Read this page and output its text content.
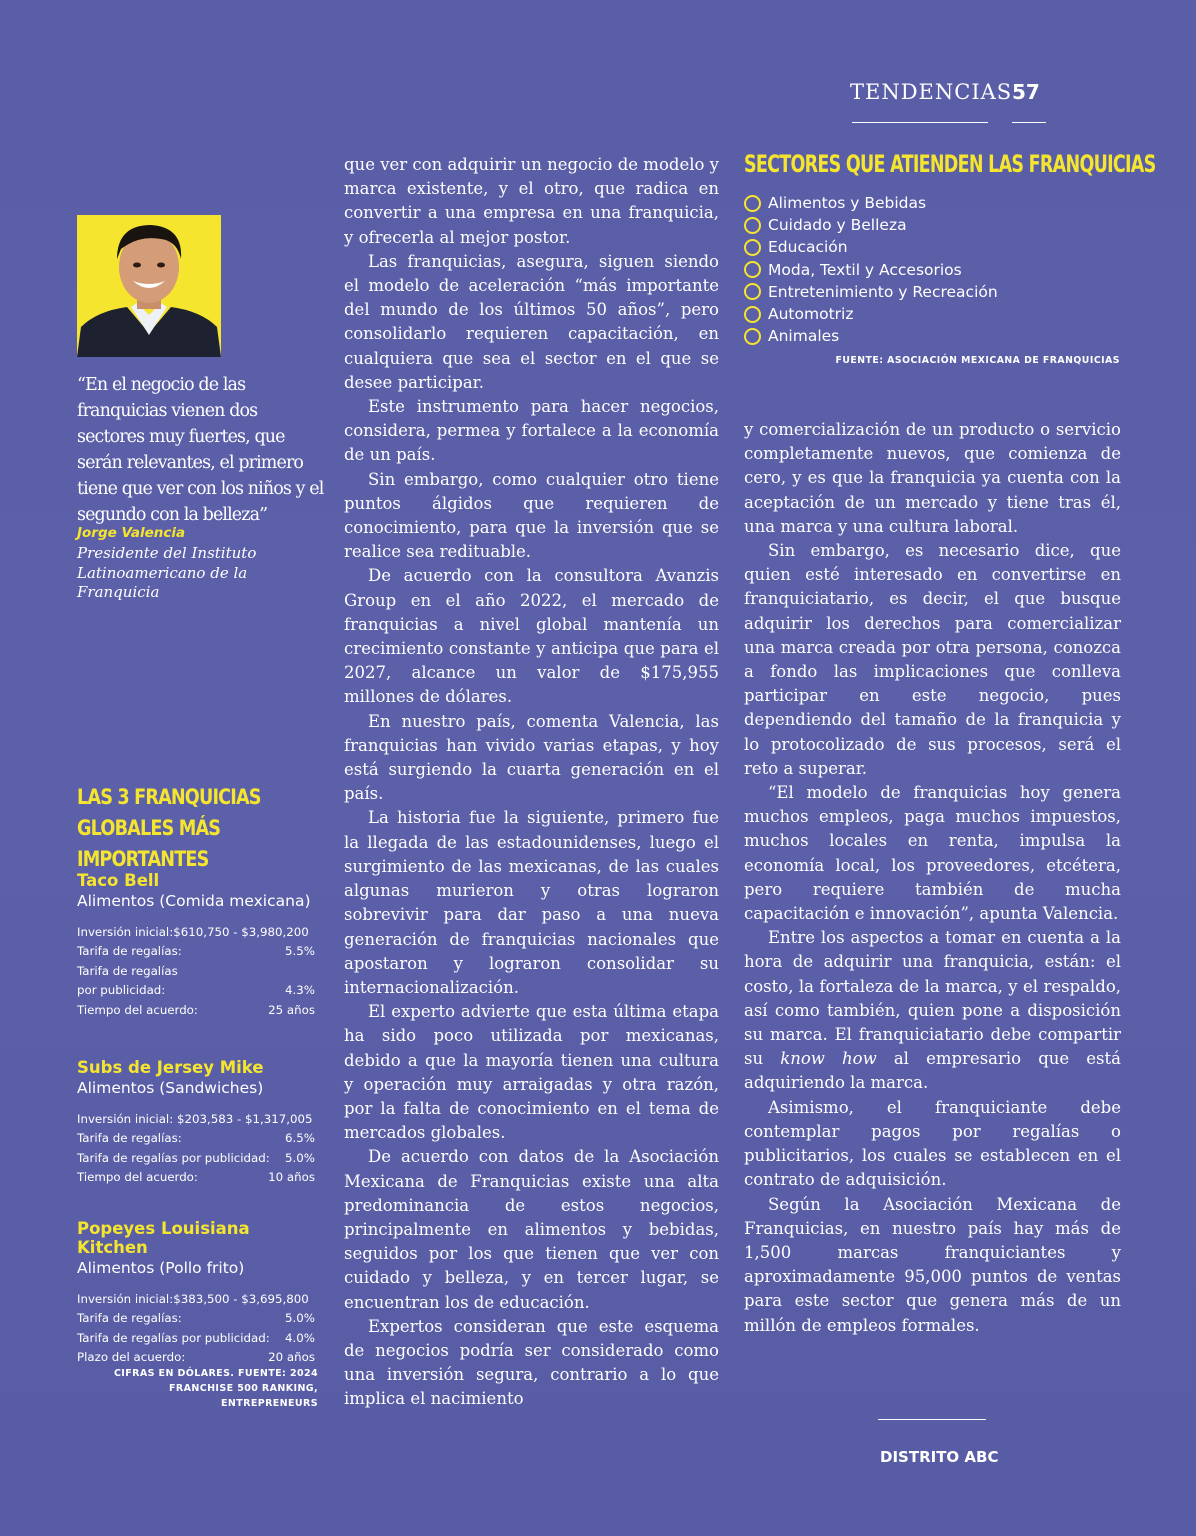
TENDENCIAS 57
“En el negocio de las franquicias vienen dos sectores muy fuertes, que serán relevantes, el primero tiene que ver con los niños y el segundo con la belleza”
Jorge Valencia
Presidente del Instituto Latinoamericano de la Franquicia
LAS 3 FRANQUICIAS GLOBALES MÁS IMPORTANTES
Taco Bell
Alimentos (Comida mexicana)
Inversión inicial:$610,750 - $3,980,200
Tarifa de regalías:	5.5%
Tarifa de regalías
por publicidad:	4.3%
Tiempo del acuerdo:	25 años
Subs de Jersey Mike
Alimentos (Sandwiches)
Inversión inicial: $203,583 - $1,317,005
Tarifa de regalías:	6.5%
Tarifa de regalías por publicidad: 5.0%
Tiempo del acuerdo:	10 años
Popeyes Louisiana Kitchen
Alimentos (Pollo frito)
Inversión inicial:$383,500 - $3,695,800
Tarifa de regalías:	5.0%
Tarifa de regalías por publicidad: 4.0%
Plazo del acuerdo:	20 años
CIFRAS EN DÓLARES. FUENTE: 2024 FRANCHISE 500 RANKING, ENTREPRENEURS
SECTORES QUE ATIENDEN LAS FRANQUICIAS
Alimentos y Bebidas
Cuidado y Belleza
Educación
Moda, Textil y Accesorios
Entretenimiento y Recreación
Automotriz
Animales
FUENTE: ASOCIACIÓN MEXICANA DE FRANQUICIAS

que ver con adquirir un negocio de modelo y marca existente, y el otro, que radica en convertir a una empresa en una franquicia, y ofrecerla al mejor postor.

Las franquicias, asegura, siguen siendo el modelo de aceleración “más importante del mundo de los últimos 50 años”, pero consolidarlo requieren capacitación, en cualquiera que sea el sector en el que se desee participar.

Este instrumento para hacer negocios, considera, permea y fortalece a la economía de un país.

Sin embargo, como cualquier otro tiene puntos álgidos que requieren de conocimiento, para que la inversión que se realice sea redituable.

De acuerdo con la consultora Avanzis Group en el año 2022, el mercado de franquicias a nivel global mantenía un crecimiento constante y anticipa que para el 2027, alcance un valor de $175,955 millones de dólares.

En nuestro país, comenta Valencia, las franquicias han vivido varias etapas, y hoy está surgiendo la cuarta generación en el país.

La historia fue la siguiente, primero fue la llegada de las estadounidenses, luego el surgimiento de las mexicanas, de las cuales algunas murieron y otras lograron sobrevivir para dar paso a una nueva generación de franquicias nacionales que apostaron y lograron consolidar su internacionalización.

El experto advierte que esta última etapa ha sido poco utilizada por mexicanas, debido a que la mayoría tienen una cultura y operación muy arraigadas y otra razón, por la falta de conocimiento en el tema de mercados globales.

De acuerdo con datos de la Asociación Mexicana de Franquicias existe una alta predominancia de estos negocios, principalmente en alimentos y bebidas, seguidos por los que tienen que ver con cuidado y belleza, y en tercer lugar, se encuentran los de educación.

Expertos consideran que este esquema de negocios podría ser considerado como una inversión segura, contrario a lo que implica el nacimiento

y comercialización de un producto o servicio completamente nuevos, que comienza de cero, y es que la franquicia ya cuenta con la aceptación de un mercado y tiene tras él, una marca y una cultura laboral.

Sin embargo, es necesario dice, que quien esté interesado en convertirse en franquiciatario, es decir, el que busque adquirir los derechos para comercializar una marca creada por otra persona, conozca a fondo las implicaciones que conlleva participar en este negocio, pues dependiendo del tamaño de la franquicia y lo protocolizado de sus procesos, será el reto a superar.

“El modelo de franquicias hoy genera muchos empleos, paga muchos impuestos, muchos locales en renta, impulsa la economía local, los proveedores, etcétera, pero requiere también de mucha capacitación e innovación”, apunta Valencia.

Entre los aspectos a tomar en cuenta a la hora de adquirir una franquicia, están: el costo, la fortaleza de la marca, y el respaldo, así como también, quien pone a disposición su marca. El franquiciatario debe compartir su know how al empresario que está adquiriendo la marca.

Asimismo, el franquiciante debe contemplar pagos por regalías o publicitarios, los cuales se establecen en el contrato de adquisición.

Según la Asociación Mexicana de Franquicias, en nuestro país hay más de 1,500 marcas franquiciantes y aproximadamente 95,000 puntos de ventas para este sector que genera más de un millón de empleos formales.

DISTRITO ABC
